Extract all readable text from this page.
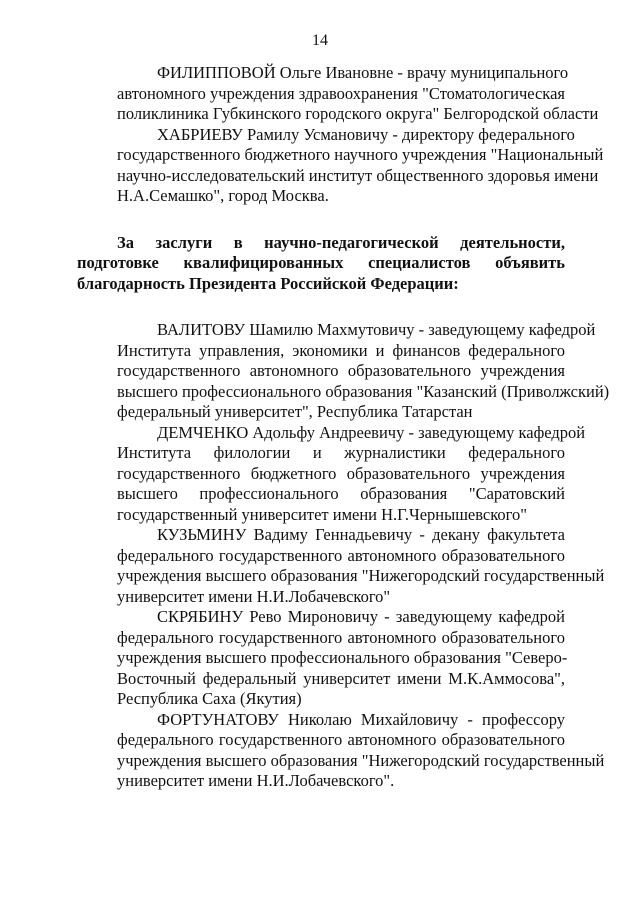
14
ФИЛИППОВОЙ Ольге Ивановне - врачу муниципального
автономного учреждения здравоохранения "Стоматологическая
поликлиника Губкинского городского округа" Белгородской области
ХАБРИЕВУ Рамилу Усмановичу - директору федерального
государственного бюджетного научного учреждения "Национальный
научно-исследовательский институт общественного здоровья имени
Н.А.Семашко", город Москва.
За заслуги в научно-педагогической деятельности,
подготовке квалифицированных специалистов объявить
благодарность Президента Российской Федерации:
ВАЛИТОВУ Шамилю Махмутовичу - заведующему кафедрой
Института управления, экономики и финансов федерального
государственного автономного образовательного учреждения
высшего профессионального образования "Казанский (Приволжский)
федеральный университет", Республика Татарстан
ДЕМЧЕНКО Адольфу Андреевичу - заведующему кафедрой
Института филологии и журналистики федерального
государственного бюджетного образовательного учреждения
высшего профессионального образования "Саратовский
государственный университет имени Н.Г.Чернышевского"
КУЗЬМИНУ Вадиму Геннадьевичу - декану факультета
федерального государственного автономного образовательного
учреждения высшего образования "Нижегородский государственный
университет имени Н.И.Лобачевского"
СКРЯБИНУ Рево Мироновичу - заведующему кафедрой
федерального государственного автономного образовательного
учреждения высшего профессионального образования "Северо-
Восточный федеральный университет имени М.К.Аммосова",
Республика Саха (Якутия)
ФОРТУНАТОВУ Николаю Михайловичу - профессору
федерального государственного автономного образовательного
учреждения высшего образования "Нижегородский государственный
университет имени Н.И.Лобачевского".
